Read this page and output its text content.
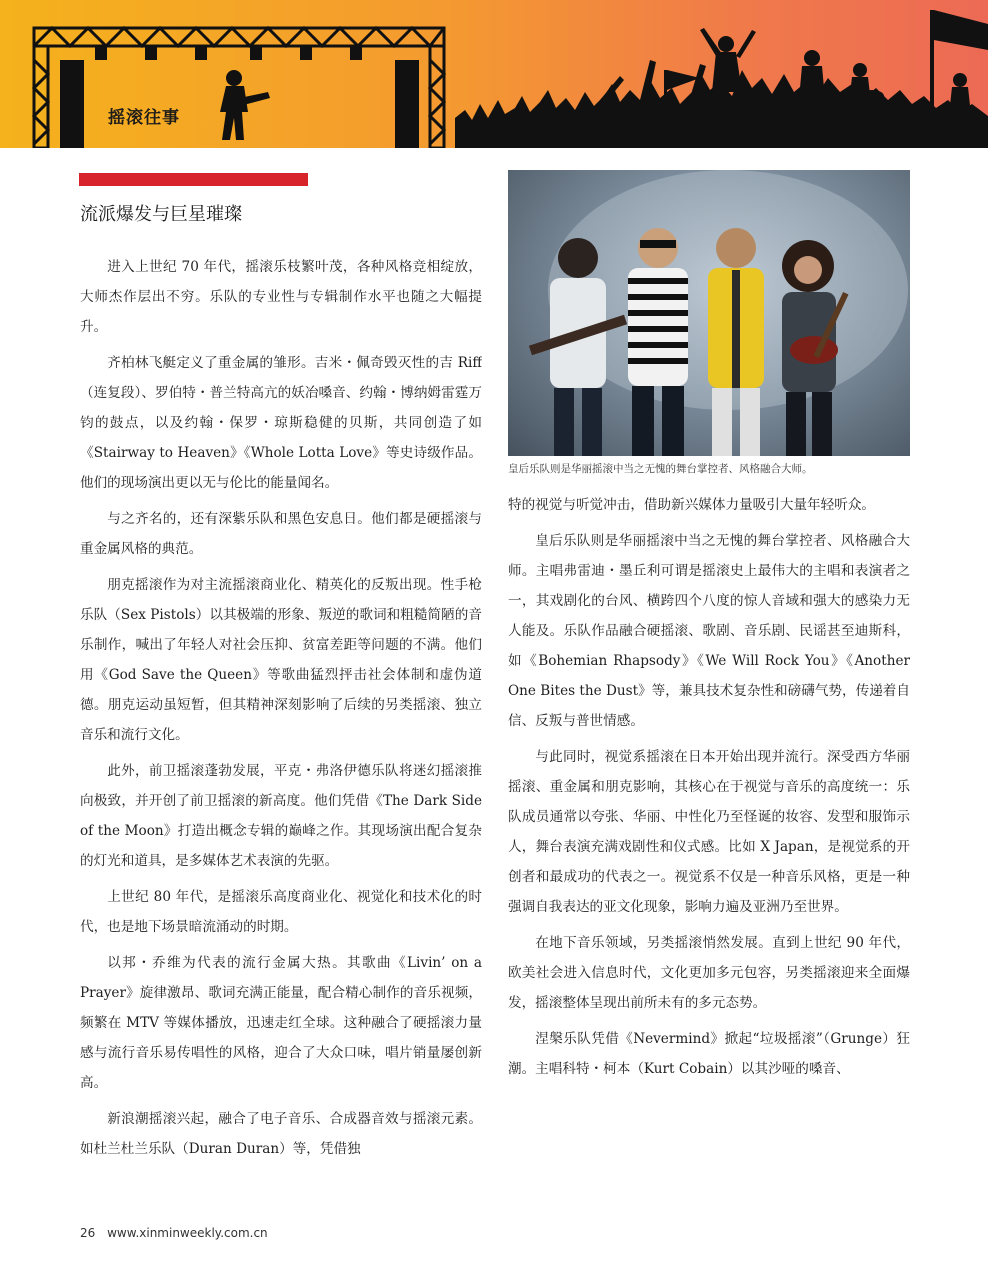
摇滚往事
流派爆发与巨星璀璨

进入上世纪 70 年代，摇滚乐枝繁叶茂，各种风格竞相绽放，大师杰作层出不穷。乐队的专业性与专辑制作水平也随之大幅提升。

齐柏林飞艇定义了重金属的雏形。吉米・佩奇毁灭性的吉 Riff（连复段）、罗伯特・普兰特高亢的妖冶嗓音、约翰・博纳姆雷霆万钧的鼓点，以及约翰・保罗・琼斯稳健的贝斯，共同创造了如《Stairway to Heaven》《Whole Lotta Love》等史诗级作品。他们的现场演出更以无与伦比的能量闻名。

与之齐名的，还有深紫乐队和黑色安息日。他们都是硬摇滚与重金属风格的典范。

朋克摇滚作为对主流摇滚商业化、精英化的反叛出现。性手枪乐队（Sex Pistols）以其极端的形象、叛逆的歌词和粗糙简陋的音乐制作，喊出了年轻人对社会压抑、贫富差距等问题的不满。他们用《God Save the Queen》等歌曲猛烈抨击社会体制和虚伪道德。朋克运动虽短暂，但其精神深刻影响了后续的另类摇滚、独立音乐和流行文化。

此外，前卫摇滚蓬勃发展，平克・弗洛伊德乐队将迷幻摇滚推向极致，并开创了前卫摇滚的新高度。他们凭借《The Dark Side of the Moon》打造出概念专辑的巅峰之作。其现场演出配合复杂的灯光和道具，是多媒体艺术表演的先驱。

上世纪 80 年代，是摇滚乐高度商业化、视觉化和技术化的时代，也是地下场景暗流涌动的时期。

以邦・乔维为代表的流行金属大热。其歌曲《Livin’ on a Prayer》旋律激昂、歌词充满正能量，配合精心制作的音乐视频，频繁在 MTV 等媒体播放，迅速走红全球。这种融合了硬摇滚力量感与流行音乐易传唱性的风格，迎合了大众口味，唱片销量屡创新高。

新浪潮摇滚兴起，融合了电子音乐、合成器音效与摇滚元素。如杜兰杜兰乐队（Duran Duran）等，凭借独

皇后乐队则是华丽摇滚中当之无愧的舞台掌控者、风格融合大师。

特的视觉与听觉冲击，借助新兴媒体力量吸引大量年轻听众。

皇后乐队则是华丽摇滚中当之无愧的舞台掌控者、风格融合大师。主唱弗雷迪・墨丘利可谓是摇滚史上最伟大的主唱和表演者之一，其戏剧化的台风、横跨四个八度的惊人音域和强大的感染力无人能及。乐队作品融合硬摇滚、歌剧、音乐剧、民谣甚至迪斯科，如《Bohemian Rhapsody》《We Will Rock You》《Another One Bites the Dust》等，兼具技术复杂性和磅礴气势，传递着自信、反叛与普世情感。

与此同时，视觉系摇滚在日本开始出现并流行。深受西方华丽摇滚、重金属和朋克影响，其核心在于视觉与音乐的高度统一：乐队成员通常以夸张、华丽、中性化乃至怪诞的妆容、发型和服饰示人，舞台表演充满戏剧性和仪式感。比如 X Japan，是视觉系的开创者和最成功的代表之一。视觉系不仅是一种音乐风格，更是一种强调自我表达的亚文化现象，影响力遍及亚洲乃至世界。

在地下音乐领域，另类摇滚悄然发展。直到上世纪 90 年代，欧美社会进入信息时代，文化更加多元包容，另类摇滚迎来全面爆发，摇滚整体呈现出前所未有的多元态势。

涅槃乐队凭借《Nevermind》掀起“垃圾摇滚”（Grunge）狂潮。主唱科特・柯本（Kurt Cobain）以其沙哑的嗓音、

26 www.xinminweekly.com.cn
